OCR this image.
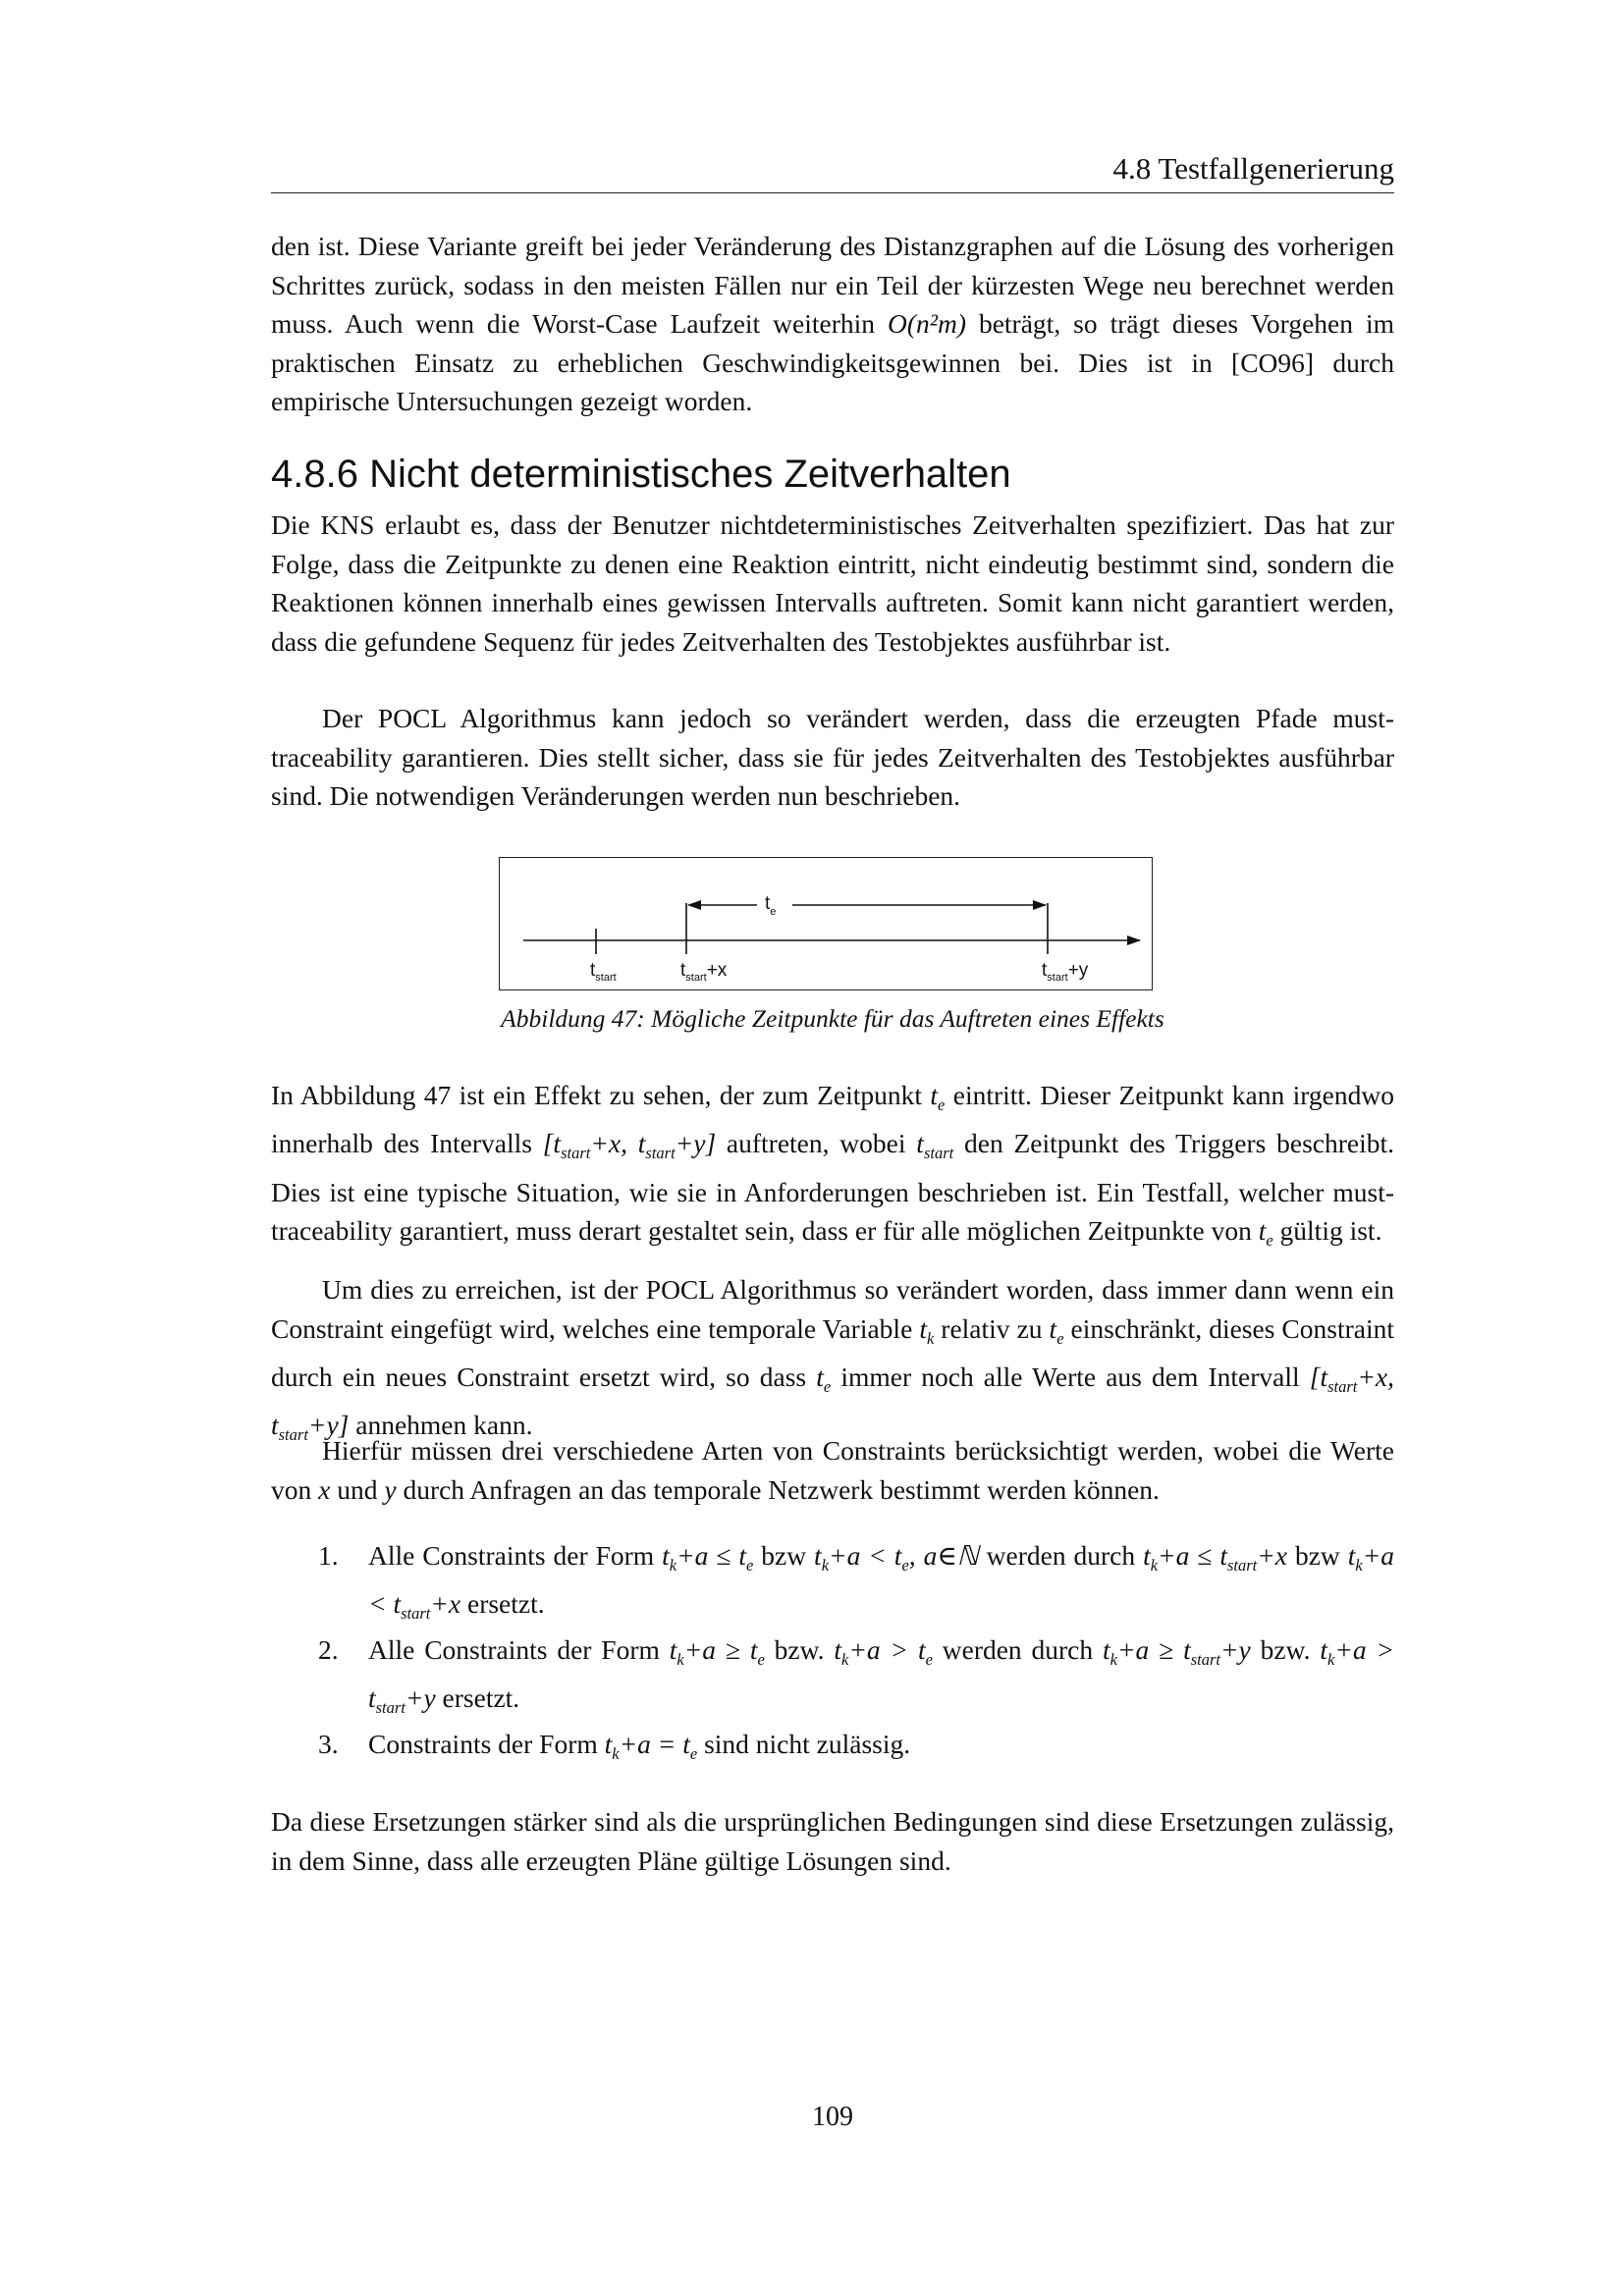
4.8 Testfallgenerierung

den ist. Diese Variante greift bei jeder Veränderung des Distanzgraphen auf die Lösung des vorherigen Schrittes zurück, sodass in den meisten Fällen nur ein Teil der kürzesten Wege neu berechnet werden muss. Auch wenn die Worst-Case Laufzeit weiterhin O(n²m) beträgt, so trägt dieses Vorgehen im praktischen Einsatz zu erheblichen Geschwindigkeitsgewinnen bei. Dies ist in [CO96] durch empirische Untersuchungen gezeigt worden.

4.8.6 Nicht deterministisches Zeitverhalten

Die KNS erlaubt es, dass der Benutzer nichtdeterministisches Zeitverhalten spezifiziert. Das hat zur Folge, dass die Zeitpunkte zu denen eine Reaktion eintritt, nicht eindeutig bestimmt sind, sondern die Reaktionen können innerhalb eines gewissen Intervalls auftreten. Somit kann nicht garantiert werden, dass die gefundene Sequenz für jedes Zeitverhalten des Testobjektes ausführbar ist.

Der POCL Algorithmus kann jedoch so verändert werden, dass die erzeugten Pfade must-traceability garantieren. Dies stellt sicher, dass sie für jedes Zeitverhalten des Testobjektes ausführbar sind. Die notwendigen Veränderungen werden nun beschrieben.

$t_e$
$t_{start}$	$t_{start}+x$	$t_{start}+y$
Abbildung 47: Mögliche Zeitpunkte für das Auftreten eines Effekts

In Abbildung 47 ist ein Effekt zu sehen, der zum Zeitpunkt $t_e$ eintritt. Dieser Zeitpunkt kann irgendwo innerhalb des Intervalls [$t_{start}+x$, $t_{start}+y$] auftreten, wobei $t_{start}$ den Zeitpunkt des Triggers beschreibt. Dies ist eine typische Situation, wie sie in Anforderungen beschrieben ist. Ein Testfall, welcher must-traceability garantiert, muss derart gestaltet sein, dass er für alle möglichen Zeitpunkte von $t_e$ gültig ist.

Um dies zu erreichen, ist der POCL Algorithmus so verändert worden, dass immer dann wenn ein Constraint eingefügt wird, welches eine temporale Variable $t_k$ relativ zu $t_e$ einschränkt, dieses Constraint durch ein neues Constraint ersetzt wird, so dass $t_e$ immer noch alle Werte aus dem Intervall [$t_{start}+x$, $t_{start}+y$] annehmen kann.

Hierfür müssen drei verschiedene Arten von Constraints berücksichtigt werden, wobei die Werte von x und y durch Anfragen an das temporale Netzwerk bestimmt werden können.

1. Alle Constraints der Form $t_k+a \le t_e$ bzw $t_k+a < t_e$, a∈ℕ werden durch $t_k+a \le t_{start}+x$ bzw $t_k+a < t_{start}+x$ ersetzt.
2. Alle Constraints der Form $t_k+a \ge t_e$ bzw. $t_k+a > t_e$ werden durch $t_k+a \ge t_{start}+y$ bzw. $t_k+a > t_{start}+y$ ersetzt.
3. Constraints der Form $t_k+a = t_e$ sind nicht zulässig.

Da diese Ersetzungen stärker sind als die ursprünglichen Bedingungen sind diese Ersetzungen zulässig, in dem Sinne, dass alle erzeugten Pläne gültige Lösungen sind.

109
